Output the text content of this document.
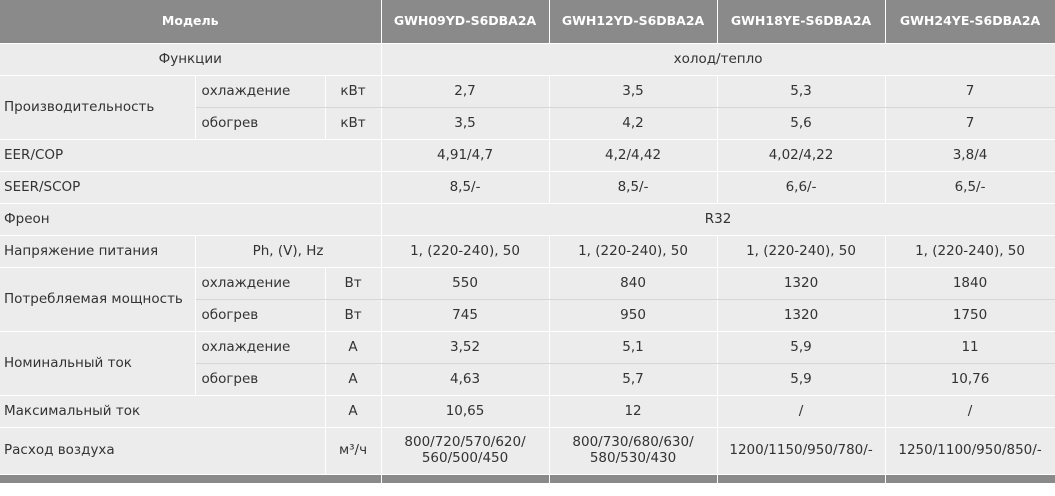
Модель			GWH09YD-S6DBA2A	GWH12YD-S6DBA2A	GWH18YE-S6DBA2A	GWH24YE-S6DBA2A
Функции			холод/тепло			
Производительность	охлаждение	кВт	2,7	3,5	5,3	7
	обогрев	кВт	3,5	4,2	5,6	7
EER/COP			4,91/4,7	4,2/4,42	4,02/4,22	3,8/4
SEER/SCOP			8,5/-	8,5/-	6,6/-	6,5/-
Фреон			R32			
Напряжение питания	Ph, (V), Hz		1, (220-240), 50	1, (220-240), 50	1, (220-240), 50	1, (220-240), 50
Потребляемая мощность	охлаждение	Вт	550	840	1320	1840
	обогрев	Вт	745	950	1320	1750
Номинальный ток	охлаждение	A	3,52	5,1	5,9	11
	обогрев	A	4,63	5,7	5,9	10,76
Максимальный ток		A	10,65	12	/	/
Расход воздуха		м³/ч	800/720/570/620/ 560/500/450	800/730/680/630/ 580/530/430	1200/1150/950/780/-	1250/1100/950/850/-
